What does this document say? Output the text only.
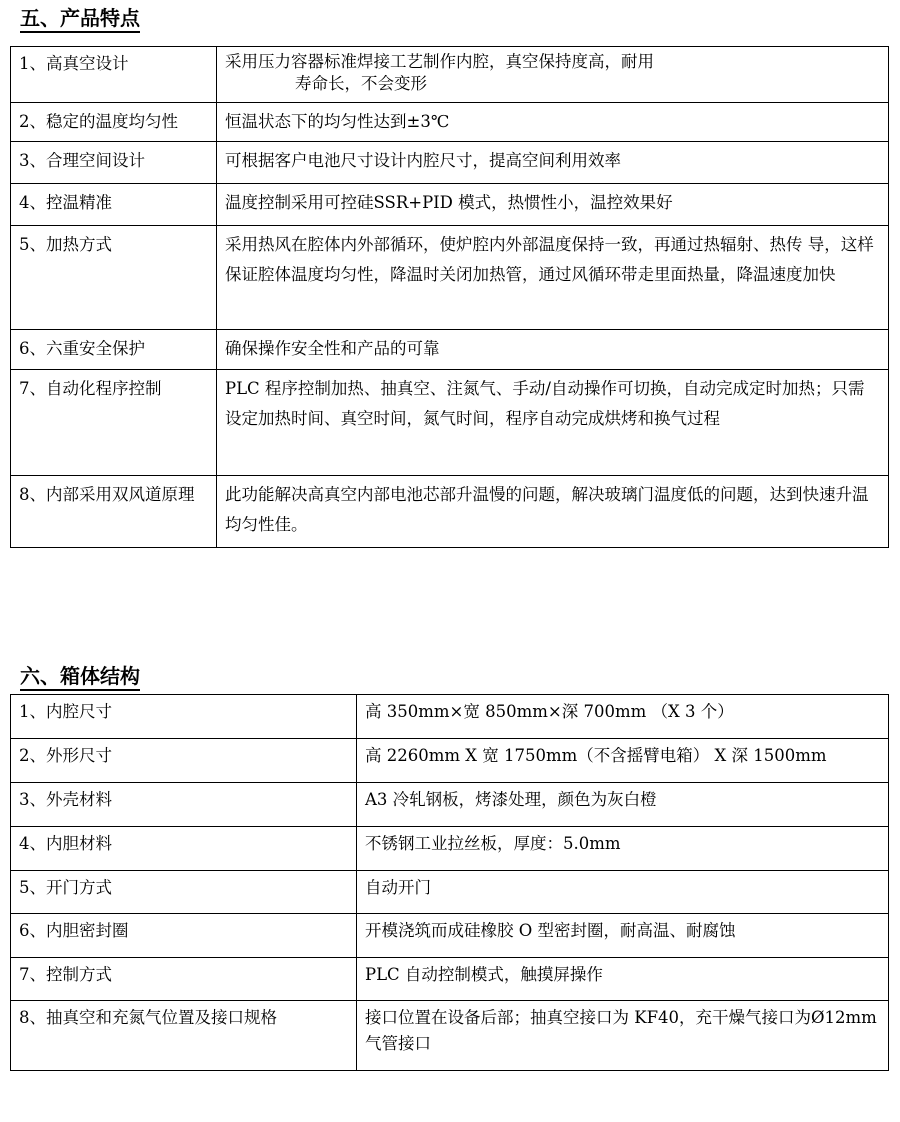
五、产品特点
1、高真空设计	采用压力容器标准焊接工艺制作内腔，真空保持度高，耐用
寿命长，不会变形

2、稳定的温度均匀性	恒温状态下的均匀性达到±3℃
3、合理空间设计	可根据客户电池尺寸设计内腔尺寸，提高空间利用效率
4、控温精准	温度控制采用可控硅SSR+PID 模式，热惯性小，温控效果好
5、加热方式	采用热风在腔体内外部循环，使炉腔内外部温度保持一致，再通过热辐射、热传 导，这样保证腔体温度均匀性，降温时关闭加热管，通过风循环带走里面热量，降温速度加快
6、六重安全保护	确保操作安全性和产品的可靠
7、自动化程序控制	PLC 程序控制加热、抽真空、注氮气、手动/自动操作可切换，自动完成定时加热；只需设定加热时间、真空时间，氮气时间，程序自动完成烘烤和换气过程
8、内部采用双风道原理	此功能解决高真空内部电池芯部升温慢的问题，解决玻璃门温度低的问题，达到快速升温均匀性佳。
六、箱体结构
1、内腔尺寸	高 350mm×宽 850mm×深 700mm （X 3 个）
2、外形尺寸	高 2260mm X 宽 1750mm（不含摇臂电箱） X 深 1500mm
3、外壳材料	A3 冷轧钢板，烤漆处理，颜色为灰白橙
4、内胆材料	不锈钢工业拉丝板，厚度：5.0mm
5、开门方式	自动开门
6、内胆密封圈	开模浇筑而成硅橡胶 O 型密封圈，耐高温、耐腐蚀
7、控制方式	PLC 自动控制模式，触摸屏操作
8、抽真空和充氮气位置及接口规格	接口位置在设备后部；抽真空接口为 KF40，充干燥气接口为Ø12mm 气管接口
